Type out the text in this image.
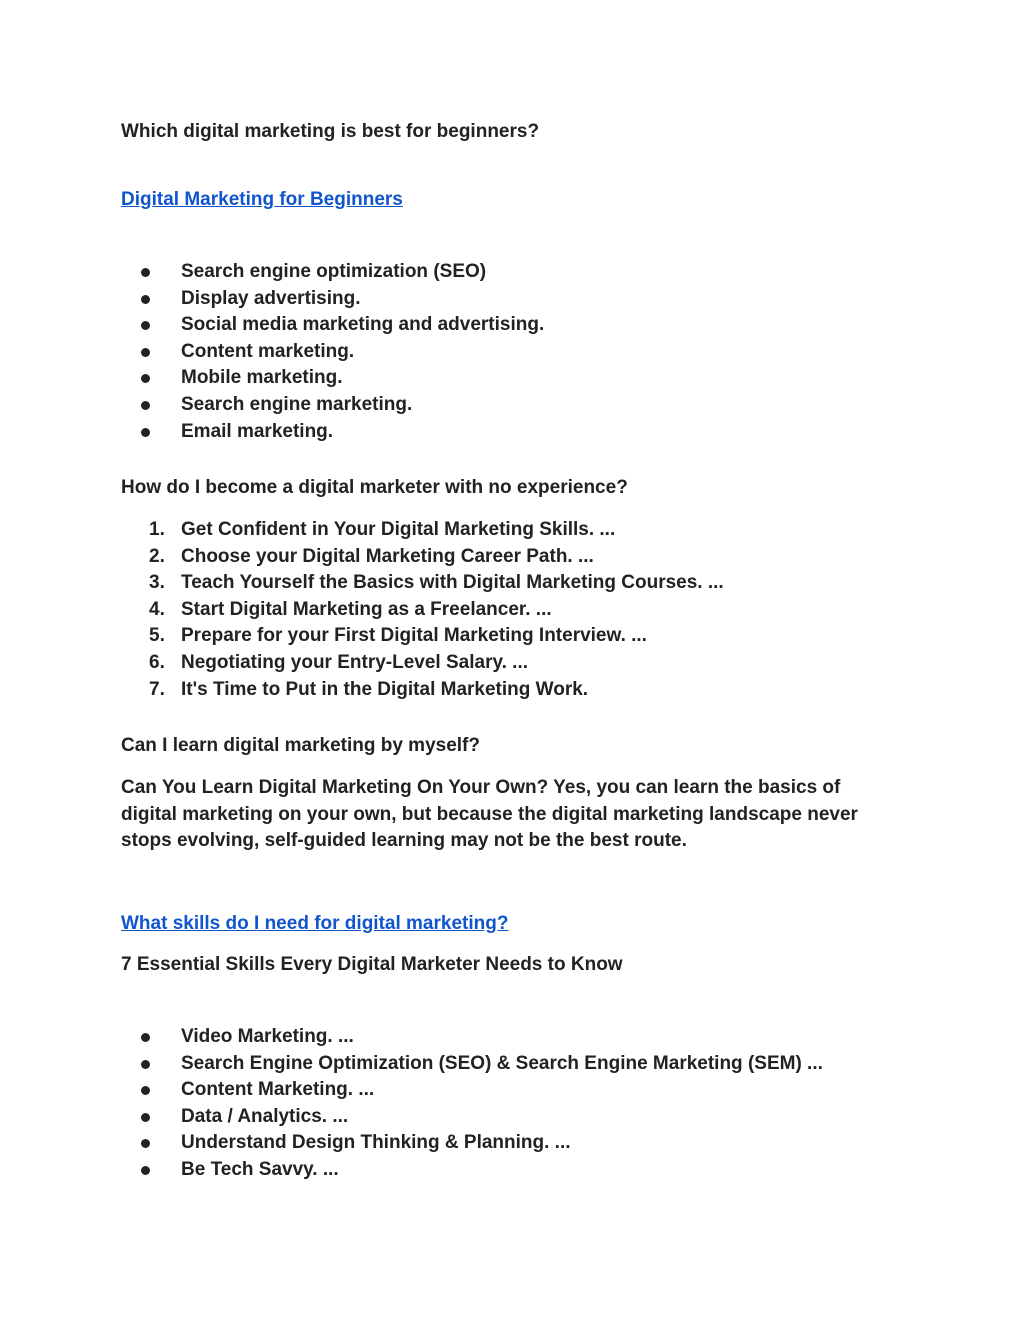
Which digital marketing is best for beginners?

Digital Marketing for Beginners

Search engine optimization (SEO)
Display advertising.
Social media marketing and advertising.
Content marketing.
Mobile marketing.
Search engine marketing.
Email marketing.

How do I become a digital marketer with no experience?

1. Get Confident in Your Digital Marketing Skills. ...
2. Choose your Digital Marketing Career Path. ...
3. Teach Yourself the Basics with Digital Marketing Courses. ...
4. Start Digital Marketing as a Freelancer. ...
5. Prepare for your First Digital Marketing Interview. ...
6. Negotiating your Entry-Level Salary. ...
7. It's Time to Put in the Digital Marketing Work.

Can I learn digital marketing by myself?

Can You Learn Digital Marketing On Your Own? Yes, you can learn the basics of
digital marketing on your own, but because the digital marketing landscape never
stops evolving, self-guided learning may not be the best route.

What skills do I need for digital marketing?

7 Essential Skills Every Digital Marketer Needs to Know

Video Marketing. ...
Search Engine Optimization (SEO) & Search Engine Marketing (SEM) ...
Content Marketing. ...
Data / Analytics. ...
Understand Design Thinking & Planning. ...
Be Tech Savvy. ...
